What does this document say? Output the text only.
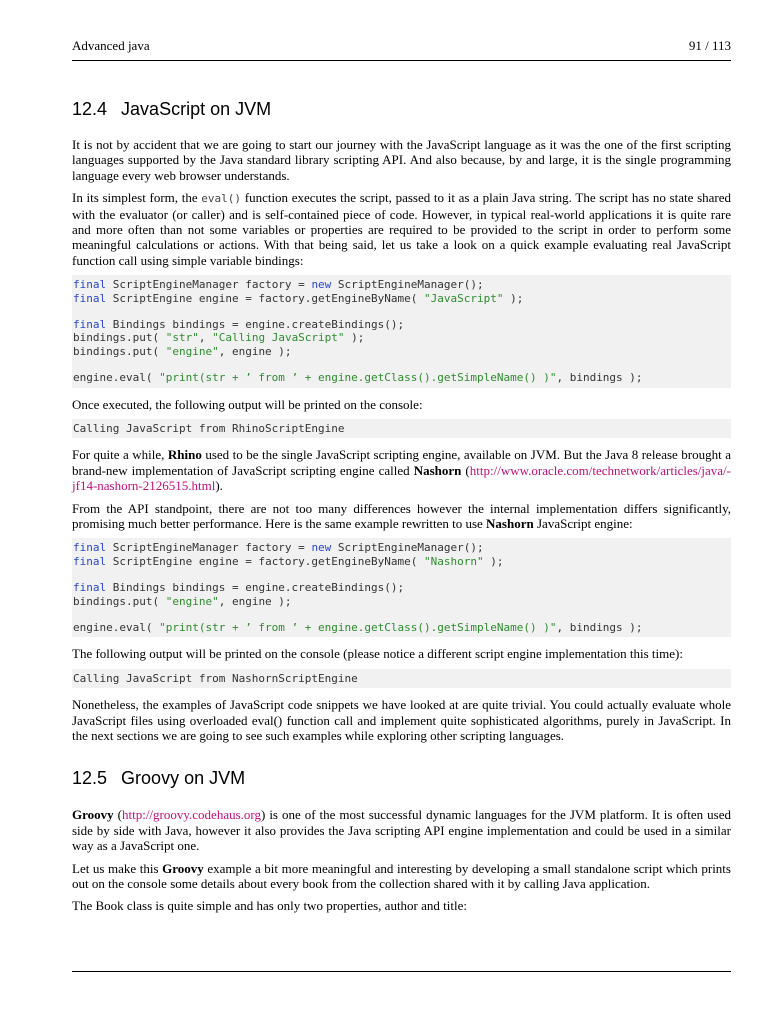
Advanced java	91 / 113
12.4 JavaScript on JVM

It is not by accident that we are going to start our journey with the JavaScript language as it was the one of the first scripting languages supported by the Java standard library scripting API. And also because, by and large, it is the single programming language every web browser understands.

In its simplest form, the eval() function executes the script, passed to it as a plain Java string. The script has no state shared with the evaluator (or caller) and is self-contained piece of code. However, in typical real-world applications it is quite rare and more often than not some variables or properties are required to be provided to the script in order to perform some meaningful calculations or actions. With that being said, let us take a look on a quick example evaluating real JavaScript function call using simple variable bindings:

final ScriptEngineManager factory = new ScriptEngineManager();
final ScriptEngine engine = factory.getEngineByName( "JavaScript" );

final Bindings bindings = engine.createBindings();
bindings.put( "str", "Calling JavaScript" );
bindings.put( "engine", engine );

engine.eval( "print(str + ’ from ’ + engine.getClass().getSimpleName() )", bindings );

Once executed, the following output will be printed on the console:

Calling JavaScript from RhinoScriptEngine

For quite a while, Rhino used to be the single JavaScript scripting engine, available on JVM. But the Java 8 release brought a brand-new implementation of JavaScript scripting engine called Nashorn (http://www.oracle.com/technetwork/articles/java/-jf14-nashorn-2126515.html).

From the API standpoint, there are not too many differences however the internal implementation differs significantly, promising much better performance. Here is the same example rewritten to use Nashorn JavaScript engine:

final ScriptEngineManager factory = new ScriptEngineManager();
final ScriptEngine engine = factory.getEngineByName( "Nashorn" );

final Bindings bindings = engine.createBindings();
bindings.put( "engine", engine );

engine.eval( "print(str + ’ from ’ + engine.getClass().getSimpleName() )", bindings );

The following output will be printed on the console (please notice a different script engine implementation this time):

Calling JavaScript from NashornScriptEngine

Nonetheless, the examples of JavaScript code snippets we have looked at are quite trivial. You could actually evaluate whole JavaScript files using overloaded eval() function call and implement quite sophisticated algorithms, purely in JavaScript. In the next sections we are going to see such examples while exploring other scripting languages.

12.5 Groovy on JVM

Groovy (http://groovy.codehaus.org) is one of the most successful dynamic languages for the JVM platform. It is often used side by side with Java, however it also provides the Java scripting API engine implementation and could be used in a similar way as a JavaScript one.

Let us make this Groovy example a bit more meaningful and interesting by developing a small standalone script which prints out on the console some details about every book from the collection shared with it by calling Java application.

The Book class is quite simple and has only two properties, author and title:
